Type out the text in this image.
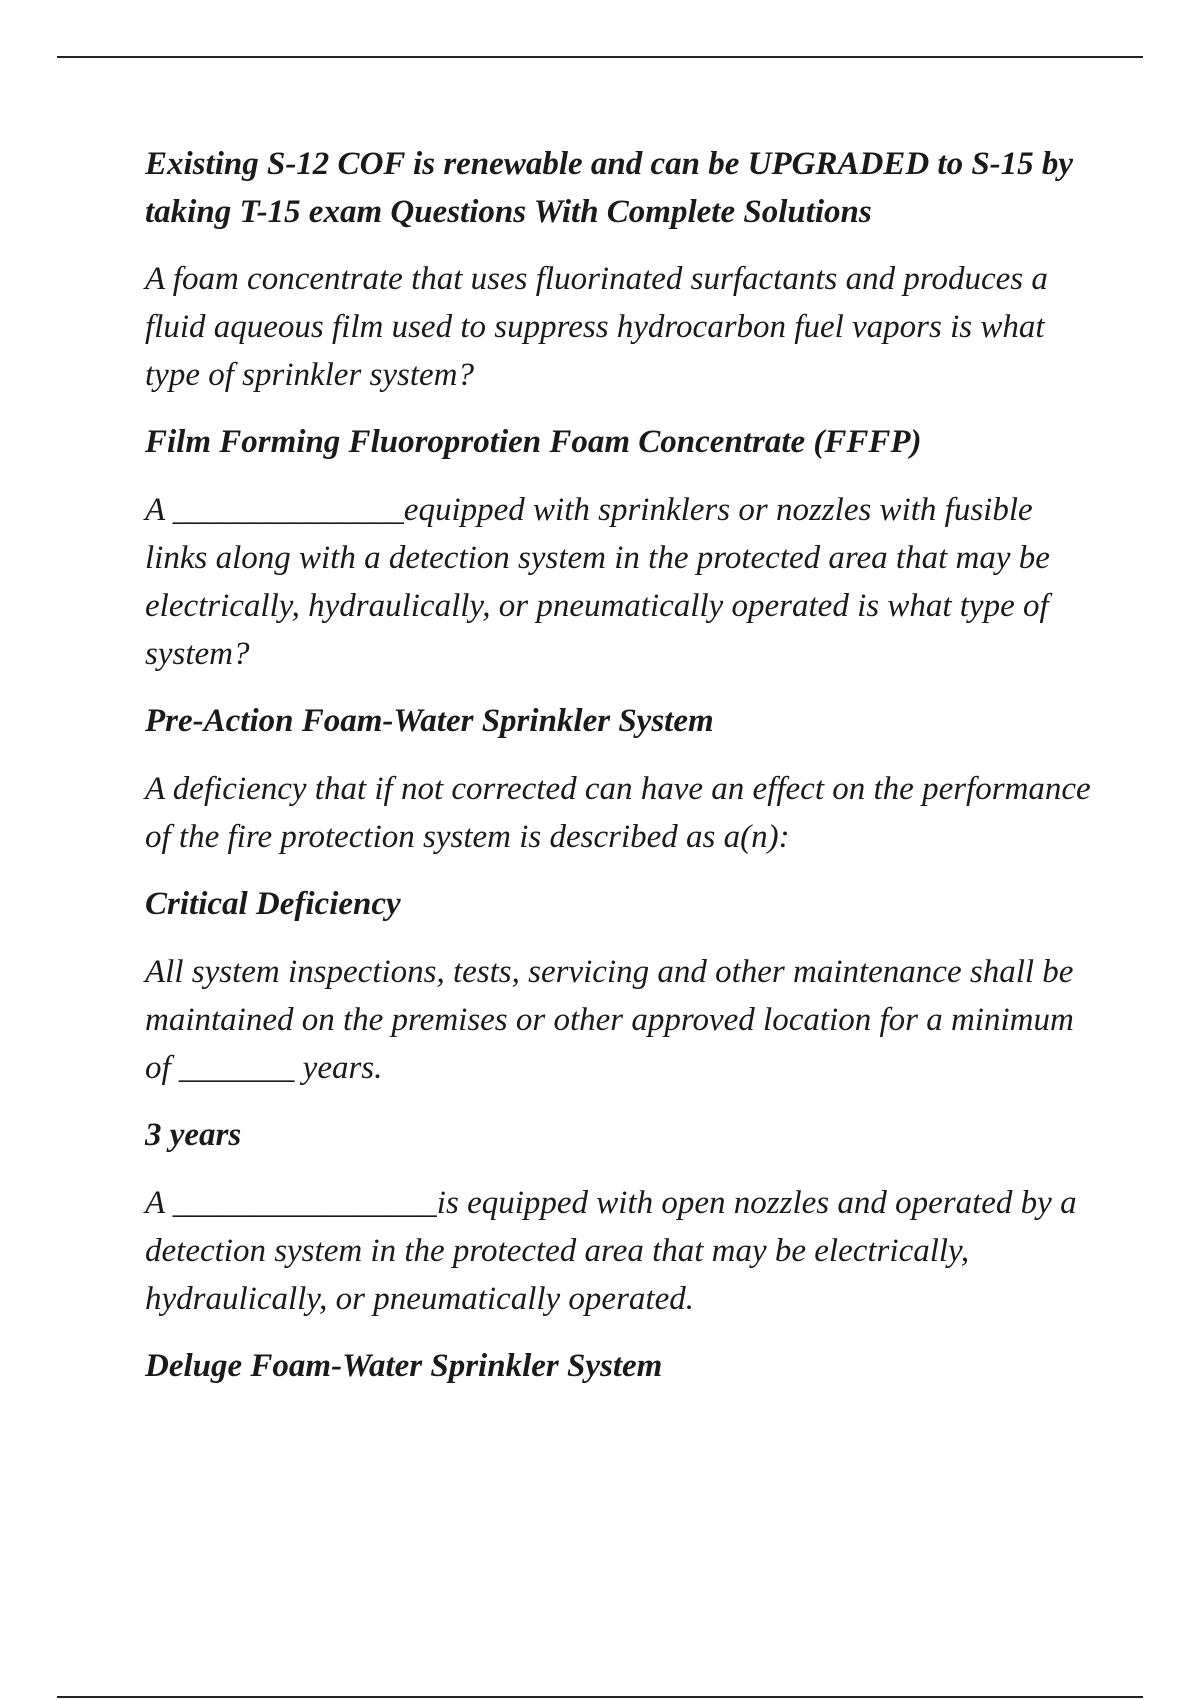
Existing S-12 COF is renewable and can be UPGRADED to S-15 by taking T-15 exam Questions With Complete Solutions

A foam concentrate that uses fluorinated surfactants and produces a fluid aqueous film used to suppress hydrocarbon fuel vapors is what type of sprinkler system?

Film Forming Fluoroprotien Foam Concentrate (FFFP)

A ______________equipped with sprinklers or nozzles with fusible links along with a detection system in the protected area that may be electrically, hydraulically, or pneumatically operated is what type of system?

Pre-Action Foam-Water Sprinkler System

A deficiency that if not corrected can have an effect on the performance of the fire protection system is described as a(n):

Critical Deficiency

All system inspections, tests, servicing and other maintenance shall be maintained on the premises or other approved location for a minimum of _______ years.

3 years

A ________________is equipped with open nozzles and operated by a detection system in the protected area that may be electrically, hydraulically, or pneumatically operated.

Deluge Foam-Water Sprinkler System
